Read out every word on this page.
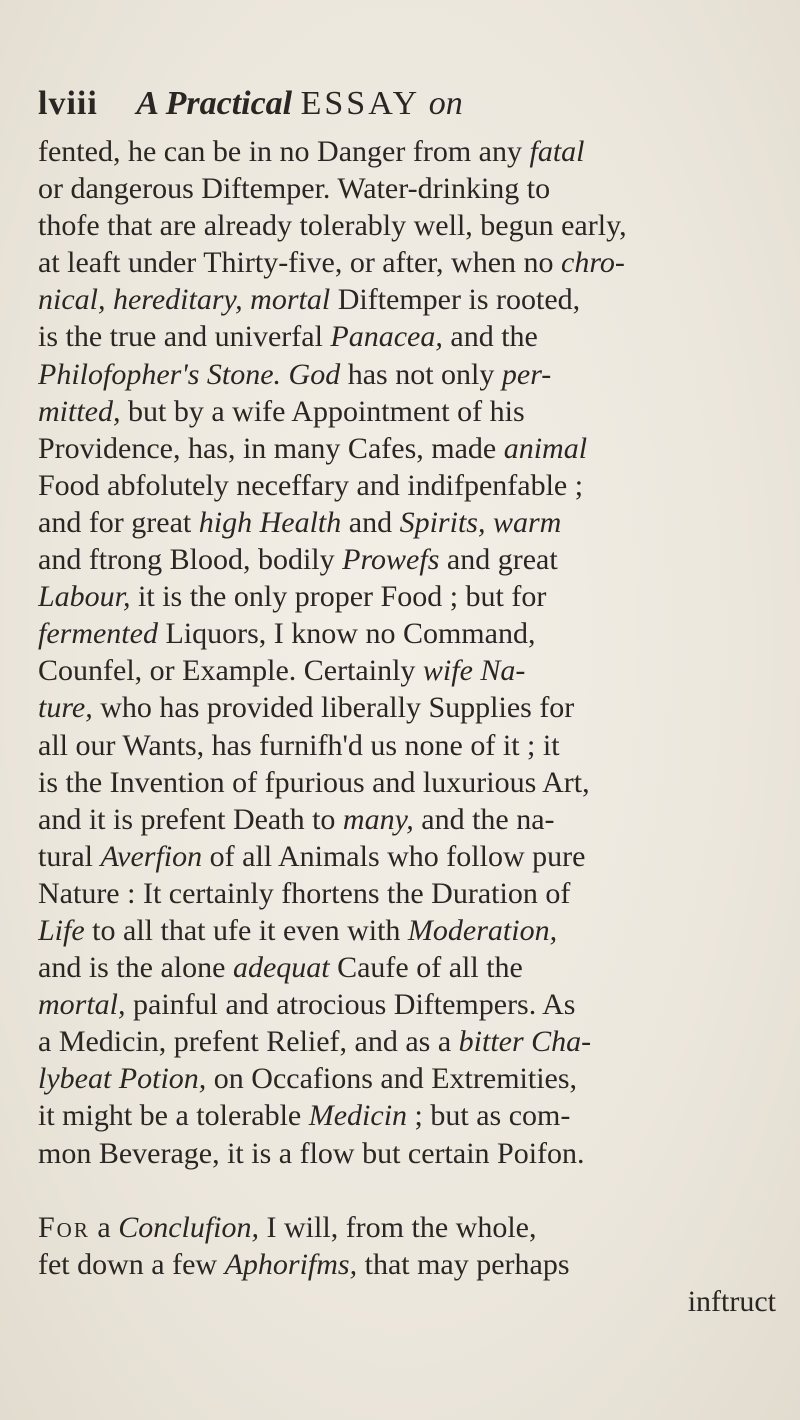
lviii A Practical ESSAY on
fented, he can be in no Danger from any fatal
or dangerous Diftemper. Water-drinking to
thofe that are already tolerably well, begun early,
at leaft under Thirty-five, or after, when no chro-
nical, hereditary, mortal Diftemper is rooted,
is the true and univerfal Panacea, and the
Philofopher's Stone. God has not only per-
mitted, but by a wife Appointment of his
Providence, has, in many Cafes, made animal
Food abfolutely neceffary and indifpenfable ;
and for great high Health and Spirits, warm
and ftrong Blood, bodily Prowefs and great
Labour, it is the only proper Food ; but for
fermented Liquors, I know no Command,
Counfel, or Example. Certainly wife Na-
ture, who has provided liberally Supplies for
all our Wants, has furnifh'd us none of it ; it
is the Invention of fpurious and luxurious Art,
and it is prefent Death to many, and the na-
tural Averfion of all Animals who follow pure
Nature : It certainly fhortens the Duration of
Life to all that ufe it even with Moderation,
and is the alone adequat Caufe of all the
mortal, painful and atrocious Diftempers. As
a Medicin, prefent Relief, and as a bitter Cha-
lybeat Potion, on Occafions and Extremities,
it might be a tolerable Medicin ; but as com-
mon Beverage, it is a flow but certain Poifon.
For a Conclufion, I will, from the whole,
fet down a few Aphorifms, that may perhaps
inftruct
